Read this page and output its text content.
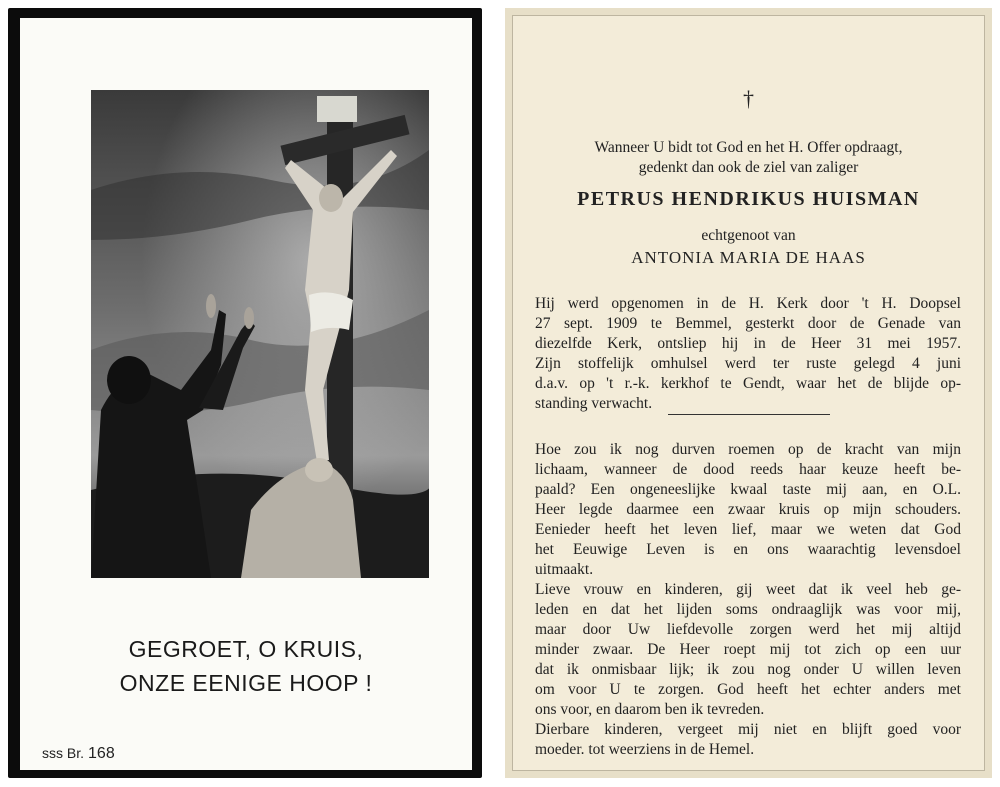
GEGROET, O KRUIS,
ONZE EENIGE HOOP !
sss Br. 168
†
Wanneer U bidt tot God en het H. Offer opdraagt,
gedenkt dan ook de ziel van zaliger
PETRUS HENDRIKUS HUISMAN
echtgenoot van
ANTONIA MARIA DE HAAS
Hij werd opgenomen in de H. Kerk door 't H. Doopsel
27 sept. 1909 te Bemmel, gesterkt door de Genade van
diezelfde Kerk, ontsliep hij in de Heer 31 mei 1957.
Zijn stoffelijk omhulsel werd ter ruste gelegd 4 juni
d.a.v. op 't r.-k. kerkhof te Gendt, waar het de blijde op-
standing verwacht.
Hoe zou ik nog durven roemen op de kracht van mijn
lichaam, wanneer de dood reeds haar keuze heeft be-
paald? Een ongeneeslijke kwaal taste mij aan, en O.L.
Heer legde daarmee een zwaar kruis op mijn schouders.
Eenieder heeft het leven lief, maar we weten dat God
het Eeuwige Leven is en ons waarachtig levensdoel
uitmaakt.
Lieve vrouw en kinderen, gij weet dat ik veel heb ge-
leden en dat het lijden soms ondraaglijk was voor mij,
maar door Uw liefdevolle zorgen werd het mij altijd
minder zwaar. De Heer roept mij tot zich op een uur
dat ik onmisbaar lijk; ik zou nog onder U willen leven
om voor U te zorgen. God heeft het echter anders met
ons voor, en daarom ben ik tevreden.
Dierbare kinderen, vergeet mij niet en blijft goed voor
moeder. tot weerziens in de Hemel.
